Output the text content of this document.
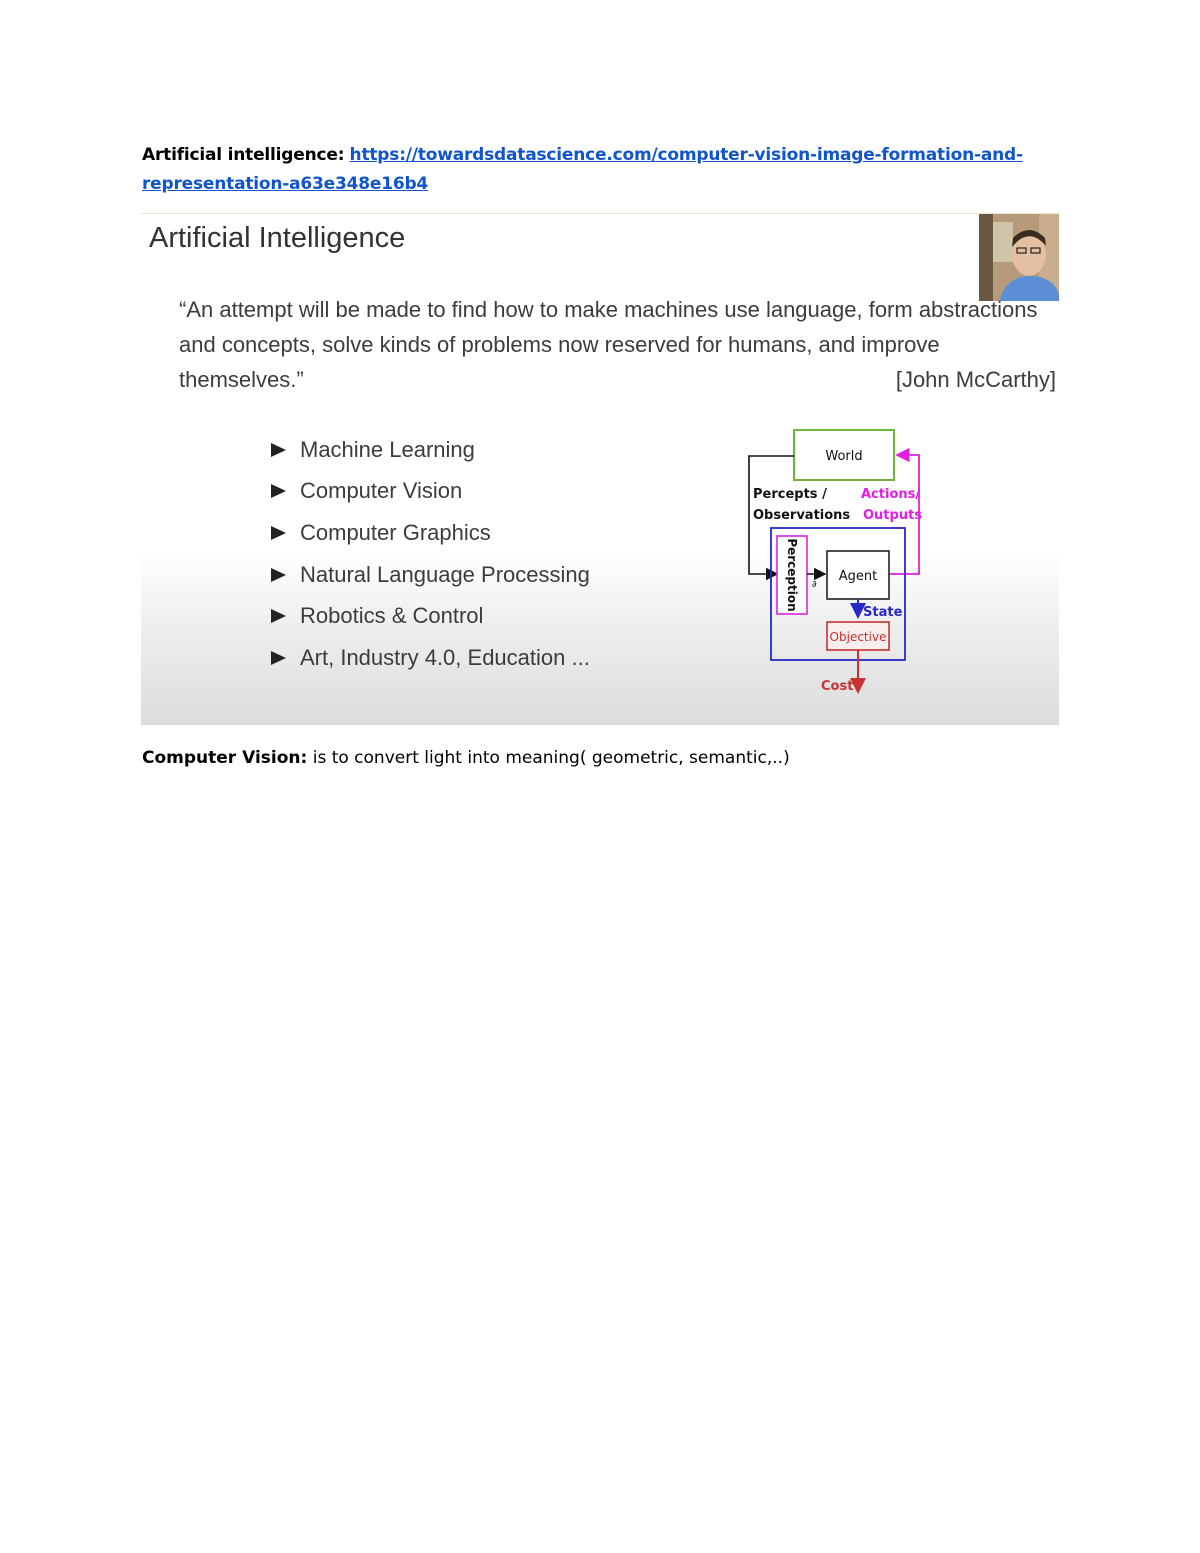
Artificial intelligence: https://towardsdatascience.com/computer-vision-image-formation-and-representation-a63e348e16b4
Artificial Intelligence
“An attempt will be made to find how to make machines use language, form abstractions and concepts, solve kinds of problems now reserved for humans, and improve themselves.”	[John McCarthy]
Machine Learning
Computer Vision
Computer Graphics
Natural Language Processing
Robotics & Control
Art, Industry 4.0, Education ...
World
Percepts /
Observations
Actions/
Outputs
Perception ∂
Agent
State
Objective
Cost
Computer Vision: is to convert light into meaning( geometric, semantic,..)
